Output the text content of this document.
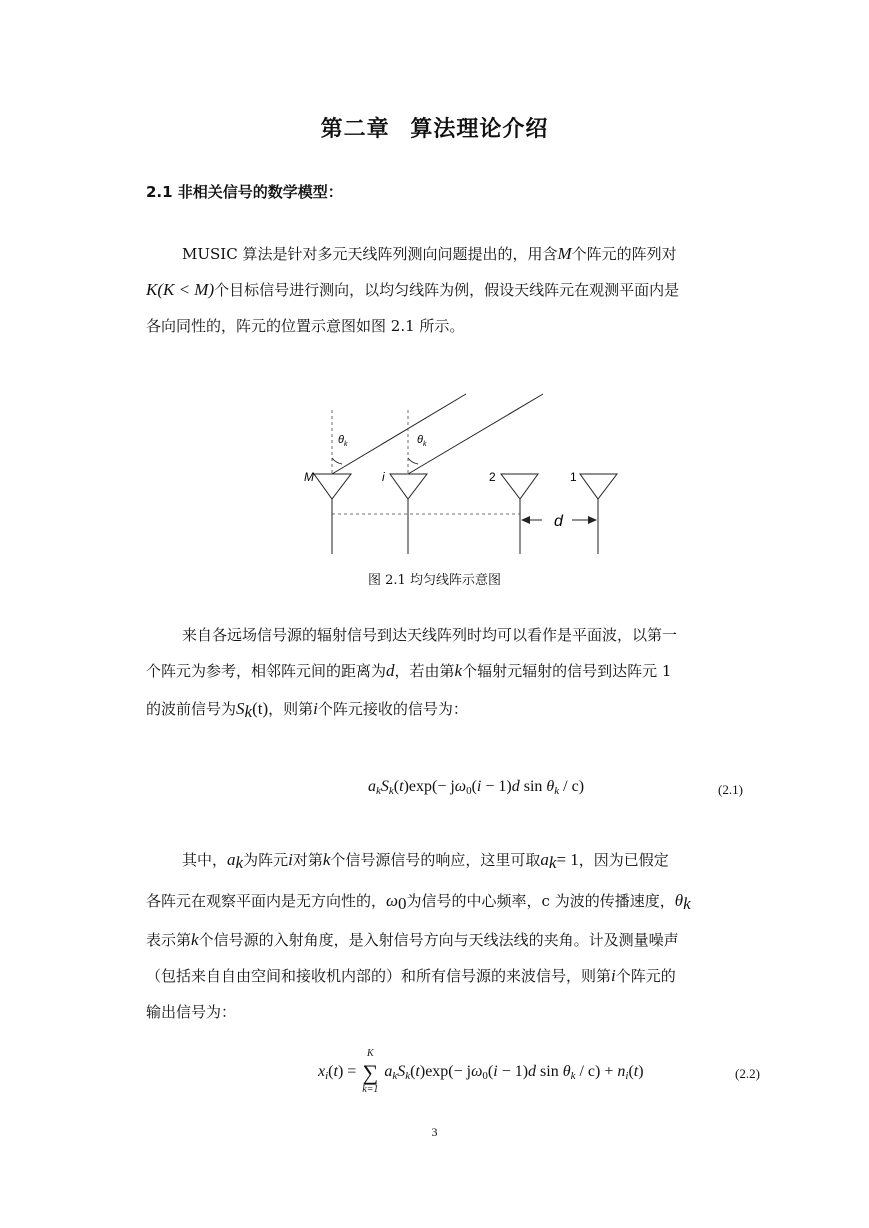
第二章 算法理论介绍
2.1 非相关信号的数学模型：
MUSIC 算法是针对多元天线阵列测向问题提出的，用含M个阵元的阵列对
K(K < M)个目标信号进行测向，以均匀线阵为例，假设天线阵元在观测平面内是
各向同性的，阵元的位置示意图如图 2.1 所示。
$\theta_k$	$\theta_k$
d
M	i	2	1
图 2.1 均匀线阵示意图
来自各远场信号源的辐射信号到达天线阵列时均可以看作是平面波，以第一
个阵元为参考，相邻阵元间的距离为d，若由第k个辐射元辐射的信号到达阵元 1
的波前信号为$S_k(t)$，则第i个阵元接收的信号为：
$a_kS_k(t)\exp(- j\omega_0(i - 1)d$ $\sin \theta_k / c$)	(2.1)
其中，$a_k$为阵元i对第k个信号源信号的响应，这里可取$a_k= 1$，因为已假定
各阵元在观察平面内是无方向性的，$\omega_0$为信号的中心频率，c 为波的传播速度，$\theta_k$
表示第k个信号源的入射角度，是入射信号方向与天线法线的夹角。计及测量噪声
（包括来自自由空间和接收机内部的）和所有信号源的来波信号，则第i个阵元的
输出信号为：
$x_i(t)$ = ∑
K
k=1
$a_kS_k(t)\exp(- j\omega_0(i - 1)d$ $\sin \theta_k / c) + n_i(t)$	(2.2)
3
